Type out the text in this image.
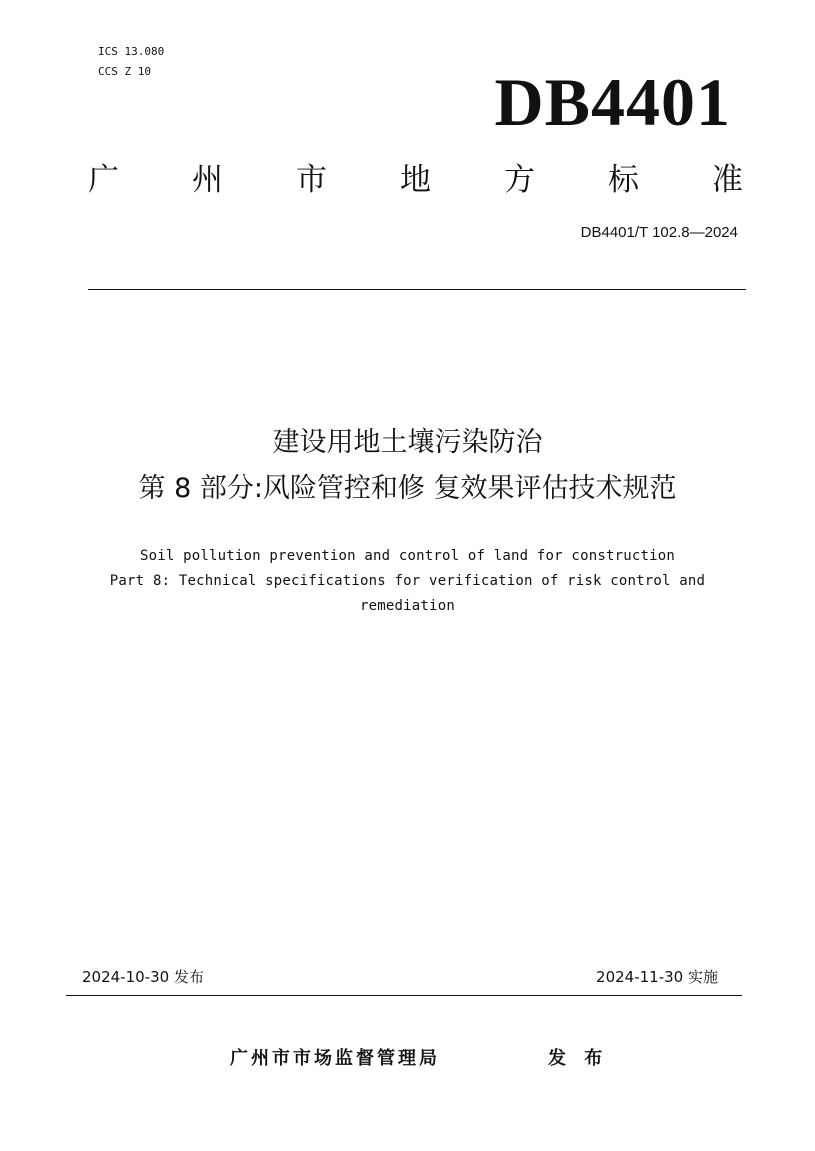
ICS 13.080
CCS Z 10	DB4401
广 州 市 地 方 标 准
DB4401/T 102.8—2024
建设用地土壤污染防治
第 8 部分:风险管控和修 复效果评估技术规范
Soil pollution prevention and control of land for construction
Part 8: Technical specifications for verification of risk control and
remediation
2024-10-30 发布	2024-11-30 实施
广州市市场监督管理局	发 布
